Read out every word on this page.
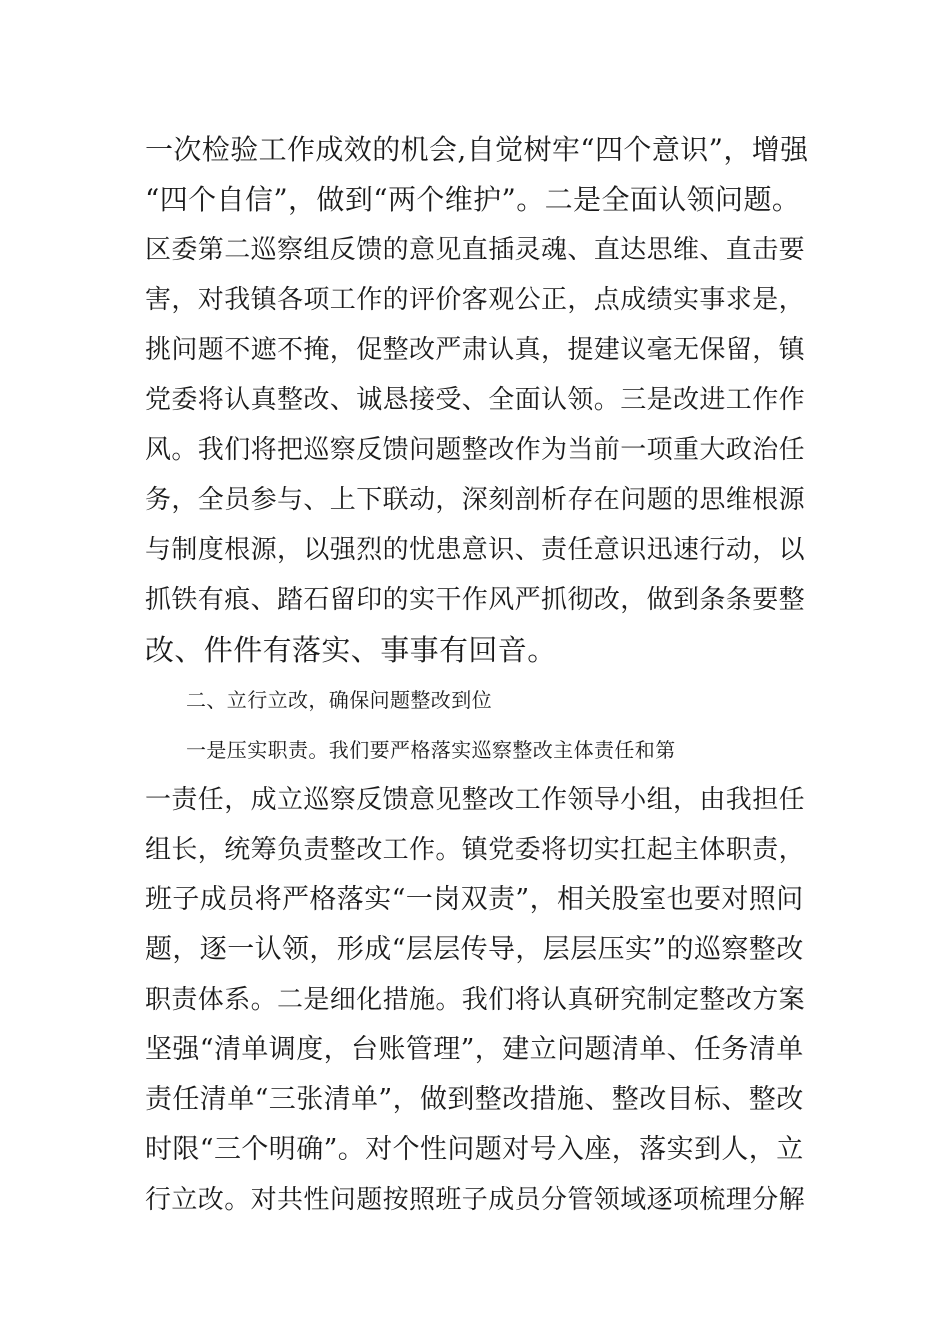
一次检验工作成效的机会,自觉树牢“四个意识”，增强
“四个自信”，做到“两个维护”。二是全面认领问题。
区委第二巡察组反馈的意见直插灵魂、直达思维、直击要
害，对我镇各项工作的评价客观公正，点成绩实事求是，
挑问题不遮不掩，促整改严肃认真，提建议毫无保留，镇
党委将认真整改、诚恳接受、全面认领。三是改进工作作
风。我们将把巡察反馈问题整改作为当前一项重大政治任
务，全员参与、上下联动，深刻剖析存在问题的思维根源
与制度根源，以强烈的忧患意识、责任意识迅速行动，以
抓铁有痕、踏石留印的实干作风严抓彻改，做到条条要整
改、件件有落实、事事有回音。
二、立行立改，确保问题整改到位
一是压实职责。我们要严格落实巡察整改主体责任和第
一责任，成立巡察反馈意见整改工作领导小组，由我担任
组长，统筹负责整改工作。镇党委将切实扛起主体职责，
班子成员将严格落实“一岗双责”，相关股室也要对照问
题，逐一认领，形成“层层传导，层层压实”的巡察整改
职责体系。二是细化措施。我们将认真研究制定整改方案
坚强“清单调度，台账管理”，建立问题清单、任务清单
责任清单“三张清单”，做到整改措施、整改目标、整改
时限“三个明确”。对个性问题对号入座，落实到人，立
行立改。对共性问题按照班子成员分管领域逐项梳理分解
